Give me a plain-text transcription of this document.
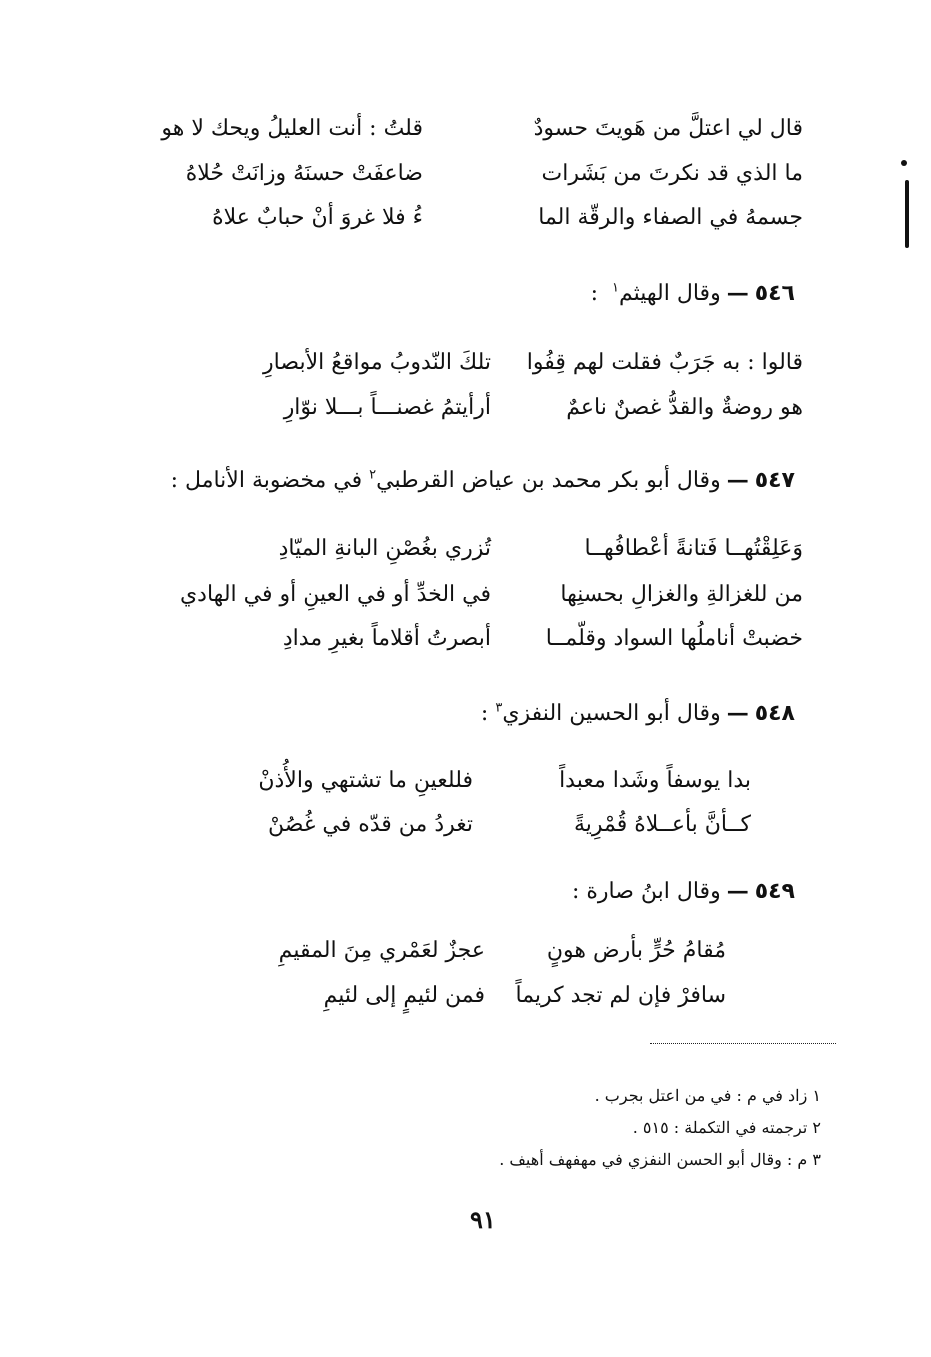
قال لي اعتلَّ من هَويتَ حسودٌ
قلتُ : أنت العليلُ ويحك لا هو
ما الذي قد نكرتَ من بَشَرات
ضاعفَتْ حسنَهُ وزانَتْ حُلاهُ
جسمهُ في الصفاء والرقّة الما
ءُ فلا غروَ أنْ حبابٌ علاهُ
٥٤٦—وقال الهيثم$^١$  :
قالوا : به جَرَبٌ فقلت لهم قِفُوا
تلكَ النّدوبُ مواقعُ الأبصارِ
هو روضةٌ والقدُّ غصنٌ ناعمٌ
أرأيتمُ غصنـــاً بـــلا نوّارِ
٥٤٧—وقال أبو بكر محمد بن عياض القرطبي$^٢$ في مخضوبة الأنامل :
وَعَلِقْتُهــا فَتانةً أعْطافُهــا
تُزري بغُصْنِ البانةِ الميّادِ
من للغزالةِ والغزالِ بحسنِها
في الخدِّ أو في العينِ أو في الهادي
خضبتْ أناملُها السواد وقلّمــا
أبصرتُ أقلاماً بغيرِ مدادِ
٥٤٨—وقال أبو الحسين النفزي$^٣$ :
بدا يوسفاً وشَدا معبداً
فللعينِ ما تشتهي والأُذنْ
كــأنَّ بأعــلاهُ قُمْرِيةً
تغردُ من قدّه في غُصُنْ
٥٤٩—وقال ابنُ صارة :
مُقامُ حُرٍّ بأرض هونٍ
عجزٌ لعَمْري مِنَ المقيمِ
سافرْ فإن لم تجد كريماً
فمن لئيمٍ إلى لئيمِ
١ زاد في م : في من اعتل بجرب .
٢ ترجمته في التكملة : ٥١٥ .
٣ م : وقال أبو الحسن النفزي في مهفهف أهيف .
٩١
